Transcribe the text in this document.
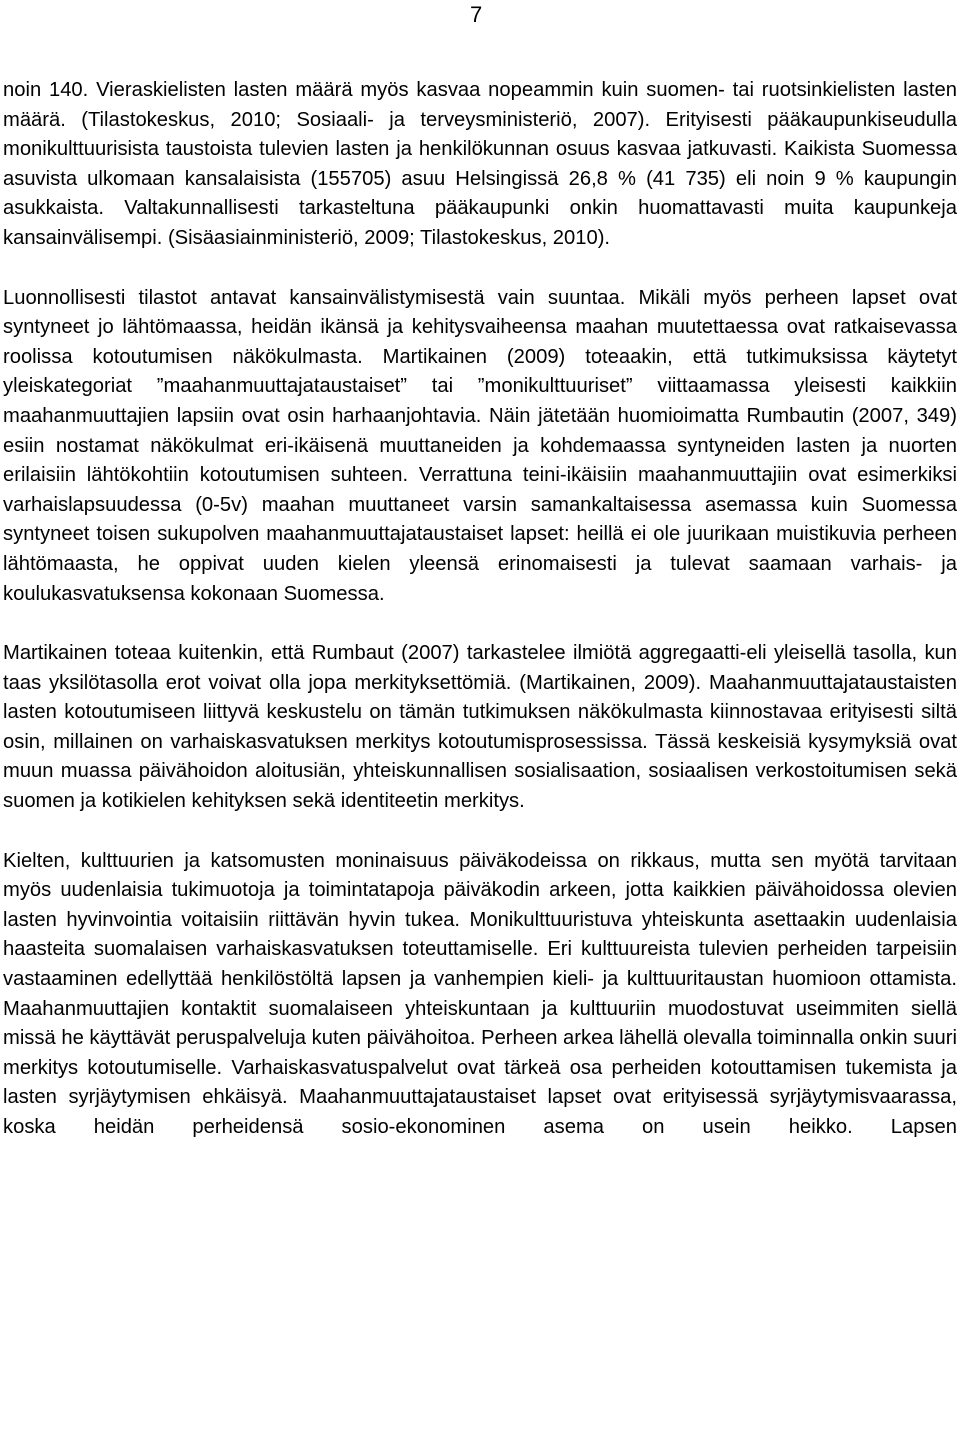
7

noin 140. Vieraskielisten lasten määrä myös kasvaa nopeammin kuin suomen- tai ruotsinkielisten lasten määrä. (Tilastokeskus, 2010; Sosiaali- ja terveysministeriö, 2007). Erityisesti pääkaupunkiseudulla monikulttuurisista taustoista tulevien lasten ja henkilökunnan osuus kasvaa jatkuvasti. Kaikista Suomessa asuvista ulkomaan kansalaisista (155705) asuu Helsingissä 26,8 % (41 735) eli noin 9 % kaupungin asukkaista. Valtakunnallisesti tarkasteltuna pääkaupunki onkin huomattavasti muita kaupunkeja kansainvälisempi. (Sisäasiainministeriö, 2009; Tilastokeskus, 2010).

Luonnollisesti tilastot antavat kansainvälistymisestä vain suuntaa. Mikäli myös perheen lapset ovat syntyneet jo lähtömaassa, heidän ikänsä ja kehitysvaiheensa maahan muutettaessa ovat ratkaisevassa roolissa kotoutumisen näkökulmasta. Martikainen (2009) toteaakin, että tutkimuksissa käytetyt yleiskategoriat ”maahanmuuttajataustaiset” tai ”monikulttuuriset” viittaamassa yleisesti kaikkiin maahanmuuttajien lapsiin ovat osin harhaanjohtavia. Näin jätetään huomioimatta Rumbautin (2007, 349) esiin nostamat näkökulmat eri-ikäisenä muuttaneiden ja kohdemaassa syntyneiden lasten ja nuorten erilaisiin lähtökohtiin kotoutumisen suhteen. Verrattuna teini-ikäisiin maahanmuuttajiin ovat esimerkiksi varhaislapsuudessa (0-5v) maahan muuttaneet varsin samankaltaisessa asemassa kuin Suomessa syntyneet toisen sukupolven maahanmuuttajataustaiset lapset: heillä ei ole juurikaan muistikuvia perheen lähtömaasta, he oppivat uuden kielen yleensä erinomaisesti ja tulevat saamaan varhais- ja koulukasvatuksensa kokonaan Suomessa.

Martikainen toteaa kuitenkin, että Rumbaut (2007) tarkastelee ilmiötä aggregaatti-eli yleisellä tasolla, kun taas yksilötasolla erot voivat olla jopa merkityksettömiä. (Martikainen, 2009). Maahanmuuttajataustaisten lasten kotoutumiseen liittyvä keskustelu on tämän tutkimuksen näkökulmasta kiinnostavaa erityisesti siltä osin, millainen on varhaiskasvatuksen merkitys kotoutumisprosessissa. Tässä keskeisiä kysymyksiä ovat muun muassa päivähoidon aloitusiän, yhteiskunnallisen sosialisaation, sosiaalisen verkostoitumisen sekä suomen ja kotikielen kehityksen sekä identiteetin merkitys.

Kielten, kulttuurien ja katsomusten moninaisuus päiväkodeissa on rikkaus, mutta sen myötä tarvitaan myös uudenlaisia tukimuotoja ja toimintatapoja päiväkodin arkeen, jotta kaikkien päivähoidossa olevien lasten hyvinvointia voitaisiin riittävän hyvin tukea. Monikulttuuristuva yhteiskunta asettaakin uudenlaisia haasteita suomalaisen varhaiskasvatuksen toteuttamiselle. Eri kulttuureista tulevien perheiden tarpeisiin vastaaminen edellyttää henkilöstöltä lapsen ja vanhempien kieli- ja kulttuuritaustan huomioon ottamista. Maahanmuuttajien kontaktit suomalaiseen yhteiskuntaan ja kulttuuriin muodostuvat useimmiten siellä missä he käyttävät peruspalveluja kuten päivähoitoa. Perheen arkea lähellä olevalla toiminnalla onkin suuri merkitys kotoutumiselle. Varhaiskasvatuspalvelut ovat tärkeä osa perheiden kotouttamisen tukemista ja lasten syrjäytymisen ehkäisyä. Maahanmuuttajataustaiset lapset ovat erityisessä syrjäytymisvaarassa, koska heidän perheidensä sosio-ekonominen asema on usein heikko. Lapsen
